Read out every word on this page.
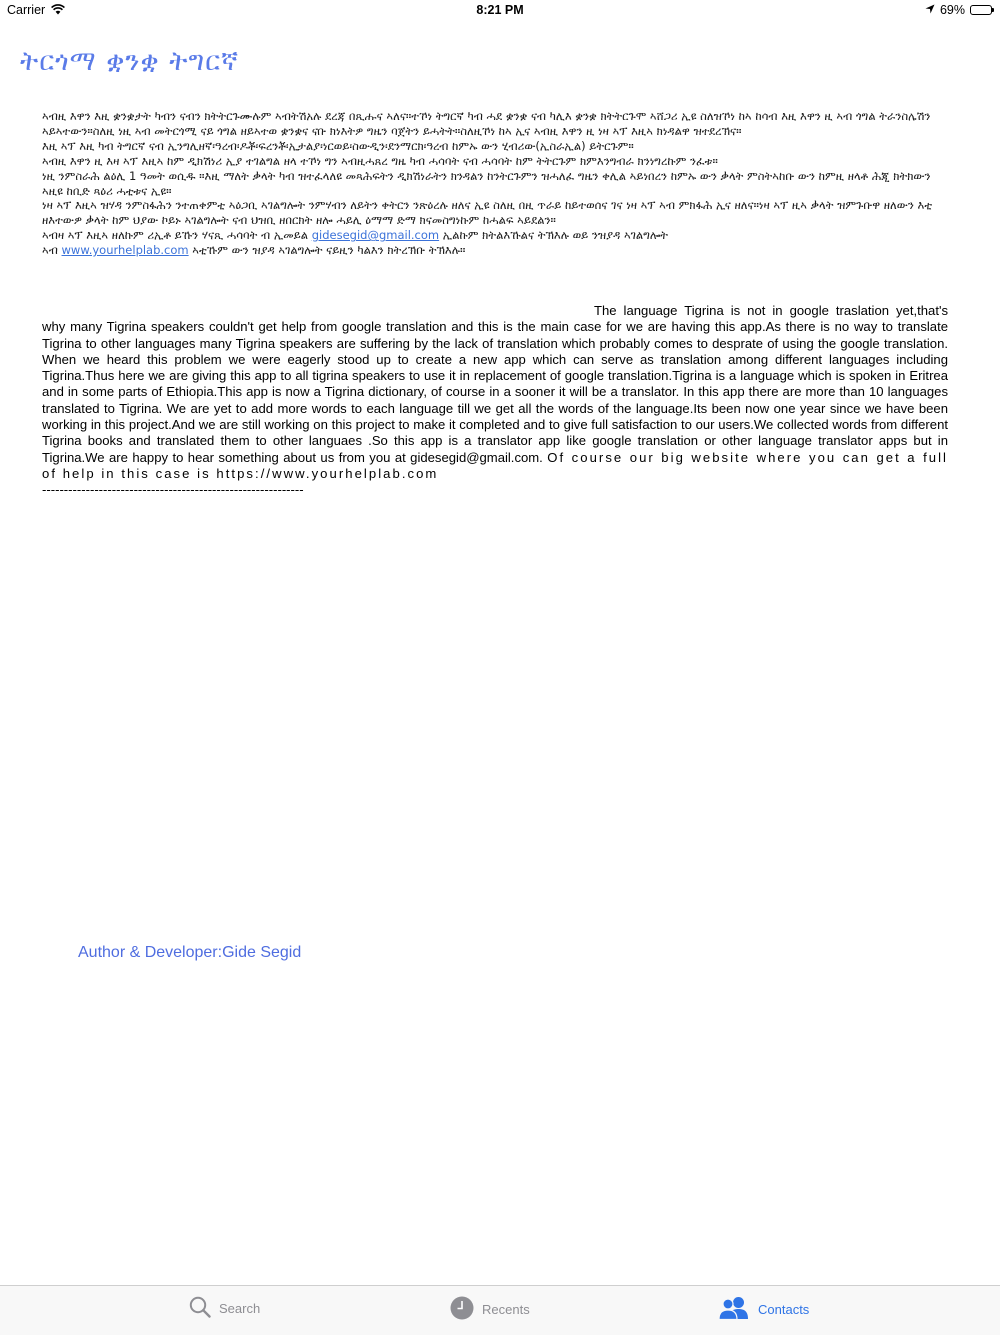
Carrier	8:21 PM	69%
ትርጎማ ቋንቋ ትግርኛ

ኣብዚ እዋን እዚ ቋንቋታት ካብን ናብን ክትትርጉሙሉም ኣብትሽአሉ ደረጃ በጺሑና ኣለና።ተኾነ ትግርኛ ካብ ሓደ ቋንቋ ናብ ካሊእ ቋንቋ ክትትርጉሞ ኣሸጋሪ ኢዩ ስለዝኾነ ከኣ ከሳብ እዚ እዋን ዚ ኣብ ጎግል ትራንስሌሽን ኣይኣተውን።ስለዚ ነዚ ኣብ መትርጎሚ ናይ ጎግል ዘይኣተወ ቋንቋና ናቡ ክነእትዎ ግዜን ባጀትን ይሓትት።ስለዚኾነ ከኣ ኢና ኣብዚ እዋን ዚ ነዛ ኣፕ እዚኣ ክነዳልዋ ዝተደረኽና።

እዚ ኣፕ እዚ ካብ ትግርኛ ናብ ኢንግሊዘኛ፡ዓረብ፡ዶቾ፡ፍረንቾ፡ኢታልያ፡ነርወይ፡ስውዲን፡ደንማርክ፡ዓረብ ከምኡ ውን ሂብሪው(ኢስራኢል) ይትርጉም።

ኣብዚ እዋን ዚ እዛ ኣፕ እዚኣ ከም ዲክሽነሪ ኢያ ተገልግል ዘላ ተኾነ ግን ኣብዚሓጸረ ግዜ ካብ ሓሳባት ናብ ሓሳባት ከም ትትርጉም ክምእንግብራ ክንነግረኩም ንፈቱ።

ነዚ ንምስራሕ ልዕሊ 1 ዓመት ወሲዱ ።እዚ ማለት ቃላት ካብ ዝተፈላለዩ መጻሕፍትን ዲክሽነራትን ክንዳልን ከንትርጉምን ዝሓለፈ ግዜን ቀሊል ኣይነበረን ከምኡ ውን ቃላት ምስትኣከቡ ውን ከምዚ ዘላቶ ሕጂ ክትክውን ኣዚዩ ከቢድ ጻዕሪ ሓቲቱና ኢዩ።

ነዛ ኣፕ እዚኣ ዝሃዳ ንምስፋሕን ንተጠቀምቲ ኣዕጋቢ ኣገልግሎት ንምሃብን ለይትን ቀትርን ንጽዕረሉ ዘለና ኢዩ ስለዚ በዚ ጥራይ ከይተወሰና ገና ነዛ ኣፕ ኣብ ምክፋሕ ኢና ዘለና።ነዛ ኣፕ ዚኣ ቃላት ዝምጉቡዋ ዘለውን እቲ ዘእተውዎ ቃላት ከም ህያው ኮይኑ ኣገልግሎት ናብ ህዝቢ ዘበርክት ዘሎ ሓይሊ ዕማማ ድማ ክናመስግነኩም ከሓልፍ ኣይደልን።

ኣብዛ ኣፕ እዚኣ ዘለኩም ሪኢቶ ይኹን ሃናጺ ሓሳባት ብ ኢመይል gidesegid@gmail.com ኢልኩም ክትልእኹልና ትኽእሉ ወይ ንዝያዳ ኣገልግሎት

ኣብ www.yourhelplab.com ኣቲኹም ውን ዝያዳ ኣገልግሎት ናይዚን ካልእን ክትረኽቡ ትኽእሉ።

The language Tigrina is not in google traslation yet,that's why many Tigrina speakers couldn't get help from google translation and this is the main case for we are having this app.As there is no way to translate Tigrina to other languages many Tigrina speakers are suffering by the lack of translation which probably comes to desprate of using the google translation. When we heard this problem we were eagerly stood up to create a new app which can serve as translation among different languages including Tigrina.Thus here we are giving this app to all tigrina speakers to use it in replacement of google translation.Tigrina is a language which is spoken in Eritrea and in some parts of Ethiopia.This app is now a Tigrina dictionary, of course in a sooner it will be a translator. In this app there are more than 10 languages translated to Tigrina. We are yet to add more words to each language till we get all the words of the language.Its been now one year since we have been working in this project.And we are still working on this project to make it completed and to give full satisfaction to our users.We collected words from different Tigrina books and translated them to other languaes .So this app is a translator app like google translation or other language translator apps but in Tigrina.We are happy to hear something about us from you at gidesegid@gmail.com. Of course our big website where you can get a full of help in this case is https://www.yourhelplab.com
------------------------------------------------------------
Author & Developer:Gide Segid
Search	Recents	Contacts
